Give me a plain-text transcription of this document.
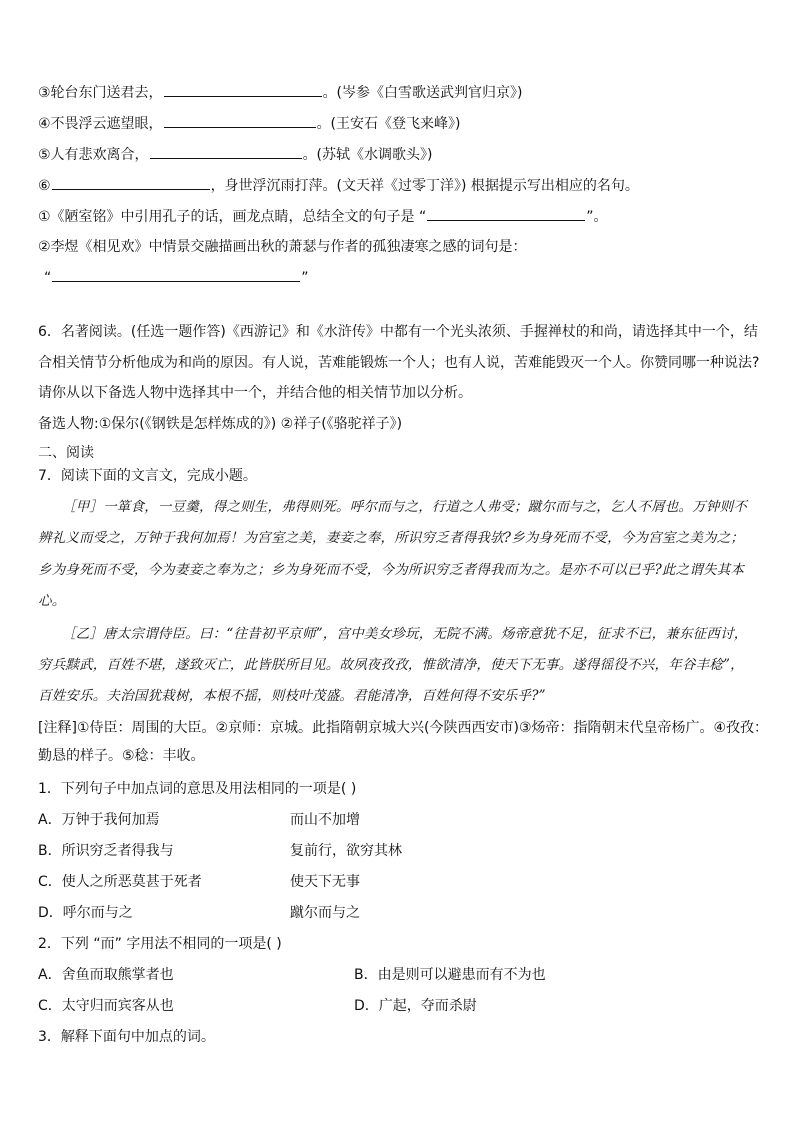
③轮台东门送君去，	。(岑参《白雪歌送武判官归京》)
④不畏浮云遮望眼，	。(王安石《登飞来峰》)
⑤人有悲欢离合，	。(苏轼《水调歌头》)
⑥	，身世浮沉雨打萍。(文天祥《过零丁洋》) 根据提示写出相应的名句。
①《陋室铭》中引用孔子的话，画龙点睛，总结全文的句子是 “	”。
②李煜《相见欢》中情景交融描画出秋的萧瑟与作者的孤独凄寒之感的词句是：
“	”
6．名著阅读。(任选一题作答)《西游记》和《水浒传》中都有一个光头浓须、手握禅杖的和尚，请选择其中一个，结
合相关情节分析他成为和尚的原因。有人说，苦难能锻炼一个人；也有人说，苦难能毁灭一个人。你赞同哪一种说法?
请你从以下备选人物中选择其中一个，并结合他的相关情节加以分析。
备选人物:①保尔(《钢铁是怎样炼成的》) ②祥子(《骆驼祥子》)
二、阅读
7．阅读下面的文言文，完成小题。
［甲］一箪食，一豆羹，得之则生，弗得则死。呼尔而与之，行道之人弗受；蹴尔而与之，乞人不屑也。万钟则不
辨礼义而受之，万钟于我何加焉！为宫室之美，妻妾之奉，所识穷乏者得我欤?乡为身死而不受，今为宫室之美为之；
乡为身死而不受，今为妻妾之奉为之；乡为身死而不受，今为所识穷乏者得我而为之。是亦不可以已乎?此之谓失其本
心。
［乙］唐太宗谓侍臣。曰：“往昔初平京师”，宫中美女珍玩，无院不满。炀帝意犹不足，征求不已，兼东征西讨，
穷兵黩武，百姓不堪，遂致灭亡，此皆朕所目见。故夙夜孜孜，惟欲清净，使天下无事。遂得徭役不兴，年谷丰稔”，
百姓安乐。夫治国犹栽树，本根不摇，则枝叶茂盛。君能清净，百姓何得不安乐乎?”
[注释]①侍臣：周围的大臣。②京师：京城。此指隋朝京城大兴(今陕西西安市)③炀帝：指隋朝末代皇帝杨广。④孜孜：
勤恳的样子。⑤稔：丰收。
1．下列句子中加点词的意思及用法相同的一项是( )
A．万钟于我何加焉	而山不加增
B．所识穷乏者得我与	复前行，欲穷其林
C．使人之所恶莫甚于死者	使天下无事
D．呼尔而与之	蹴尔而与之
2．下列 “而” 字用法不相同的一项是( )
A．舍鱼而取熊掌者也	B．由是则可以避患而有不为也
C．太守归而宾客从也	D．广起，夺而杀尉
3．解释下面句中加点的词。
